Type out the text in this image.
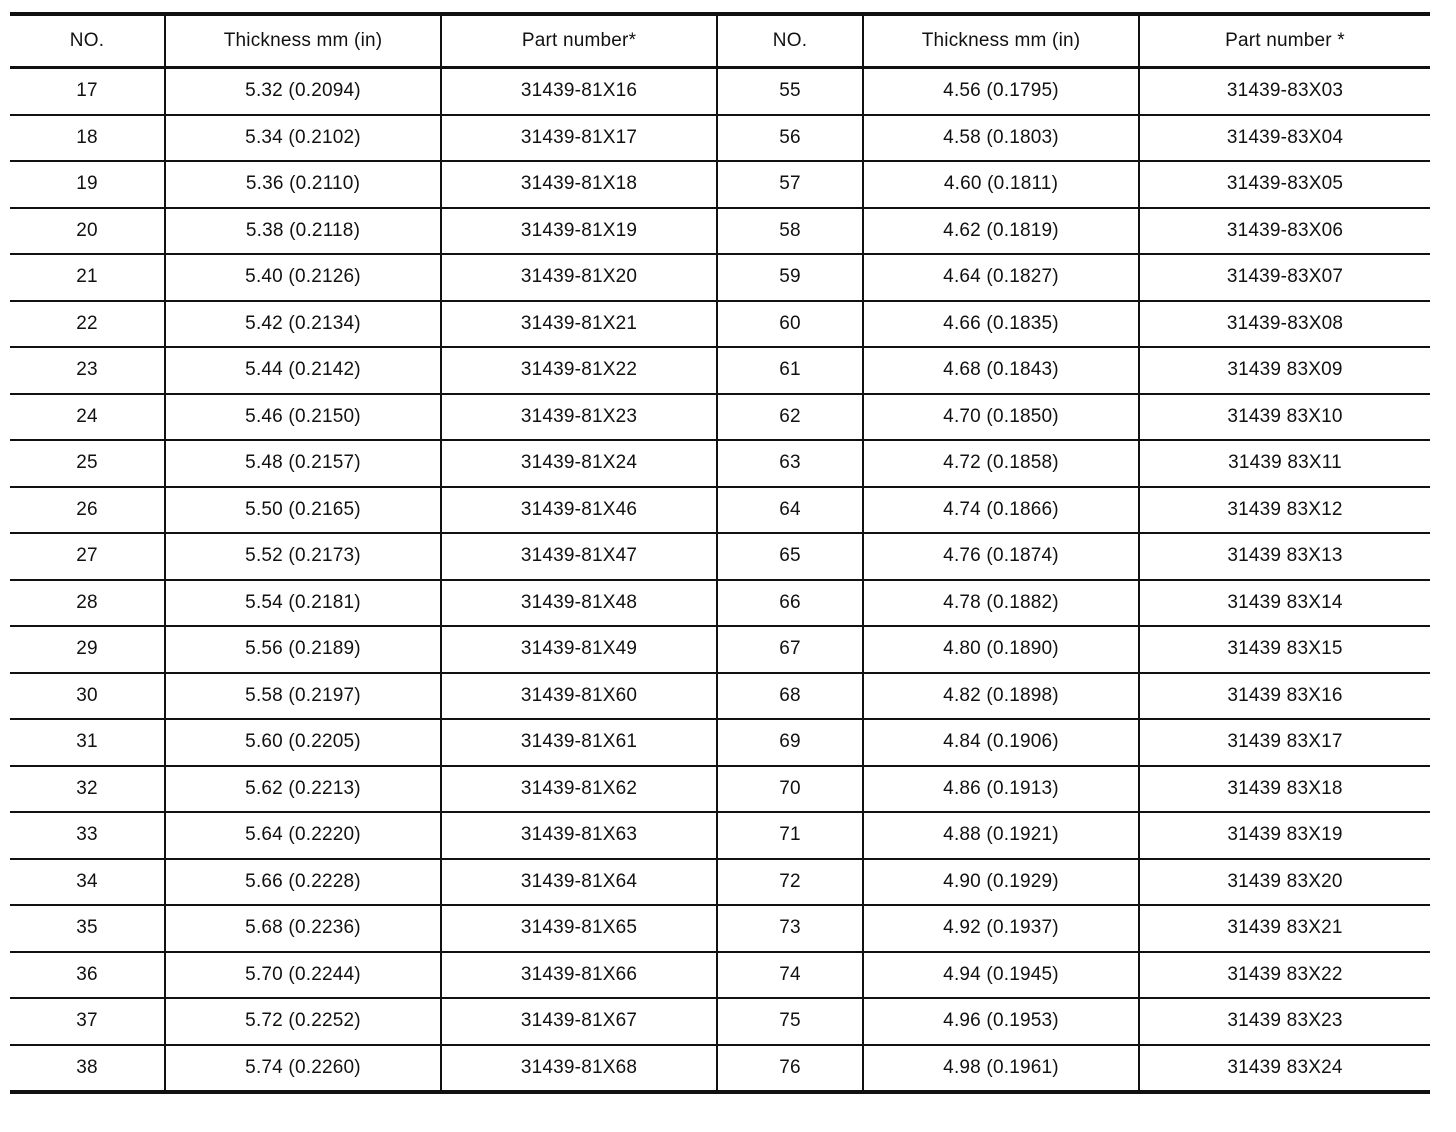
NO.	Thickness mm (in)	Part number*	NO.	Thickness mm (in)	Part number *
17	5.32 (0.2094)	31439-81X16	55	4.56 (0.1795)	31439-83X03
18	5.34 (0.2102)	31439-81X17	56	4.58 (0.1803)	31439-83X04
19	5.36 (0.2110)	31439-81X18	57	4.60 (0.1811)	31439-83X05
20	5.38 (0.2118)	31439-81X19	58	4.62 (0.1819)	31439-83X06
21	5.40 (0.2126)	31439-81X20	59	4.64 (0.1827)	31439-83X07
22	5.42 (0.2134)	31439-81X21	60	4.66 (0.1835)	31439-83X08
23	5.44 (0.2142)	31439-81X22	61	4.68 (0.1843)	31439 83X09
24	5.46 (0.2150)	31439-81X23	62	4.70 (0.1850)	31439 83X10
25	5.48 (0.2157)	31439-81X24	63	4.72 (0.1858)	31439 83X11
26	5.50 (0.2165)	31439-81X46	64	4.74 (0.1866)	31439 83X12
27	5.52 (0.2173)	31439-81X47	65	4.76 (0.1874)	31439 83X13
28	5.54 (0.2181)	31439-81X48	66	4.78 (0.1882)	31439 83X14
29	5.56 (0.2189)	31439-81X49	67	4.80 (0.1890)	31439 83X15
30	5.58 (0.2197)	31439-81X60	68	4.82 (0.1898)	31439 83X16
31	5.60 (0.2205)	31439-81X61	69	4.84 (0.1906)	31439 83X17
32	5.62 (0.2213)	31439-81X62	70	4.86 (0.1913)	31439 83X18
33	5.64 (0.2220)	31439-81X63	71	4.88 (0.1921)	31439 83X19
34	5.66 (0.2228)	31439-81X64	72	4.90 (0.1929)	31439 83X20
35	5.68 (0.2236)	31439-81X65	73	4.92 (0.1937)	31439 83X21
36	5.70 (0.2244)	31439-81X66	74	4.94 (0.1945)	31439 83X22
37	5.72 (0.2252)	31439-81X67	75	4.96 (0.1953)	31439 83X23
38	5.74 (0.2260)	31439-81X68	76	4.98 (0.1961)	31439 83X24
